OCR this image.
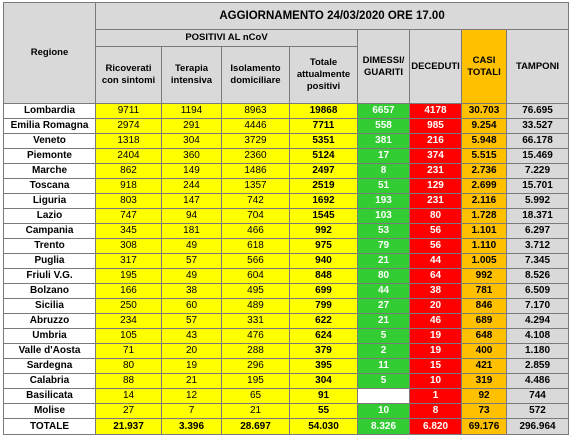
Regione	AGGIORNAMENTO 24/03/2020 ORE 17.00							
	POSITIVI AL nCoV				DIMESSI/ GUARITI	DECEDUTI	CASI TOTALI	TAMPONI
	Ricoverati con sintomi	Terapia intensiva	Isolamento domiciliare	Totale attualmente positivi				
Lombardia	9711	1194	8963	19868	6657	4178	30.703	76.695
Emilia Romagna	2974	291	4446	7711	558	985	9.254	33.527
Veneto	1318	304	3729	5351	381	216	5.948	66.178
Piemonte	2404	360	2360	5124	17	374	5.515	15.469
Marche	862	149	1486	2497	8	231	2.736	7.229
Toscana	918	244	1357	2519	51	129	2.699	15.701
Liguria	803	147	742	1692	193	231	2.116	5.992
Lazio	747	94	704	1545	103	80	1.728	18.371
Campania	345	181	466	992	53	56	1.101	6.297
Trento	308	49	618	975	79	56	1.110	3.712
Puglia	317	57	566	940	21	44	1.005	7.345
Friuli V.G.	195	49	604	848	80	64	992	8.526
Bolzano	166	38	495	699	44	38	781	6.509
Sicilia	250	60	489	799	27	20	846	7.170
Abruzzo	234	57	331	622	21	46	689	4.294
Umbria	105	43	476	624	5	19	648	4.108
Valle d'Aosta	71	20	288	379	2	19	400	1.180
Sardegna	80	19	296	395	11	15	421	2.859
Calabria	88	21	195	304	5	10	319	4.486
Basilicata	14	12	65	91		1	92	744
Molise	27	7	21	55	10	8	73	572
TOTALE	21.937	3.396	28.697	54.030	8.326	6.820	69.176	296.964
